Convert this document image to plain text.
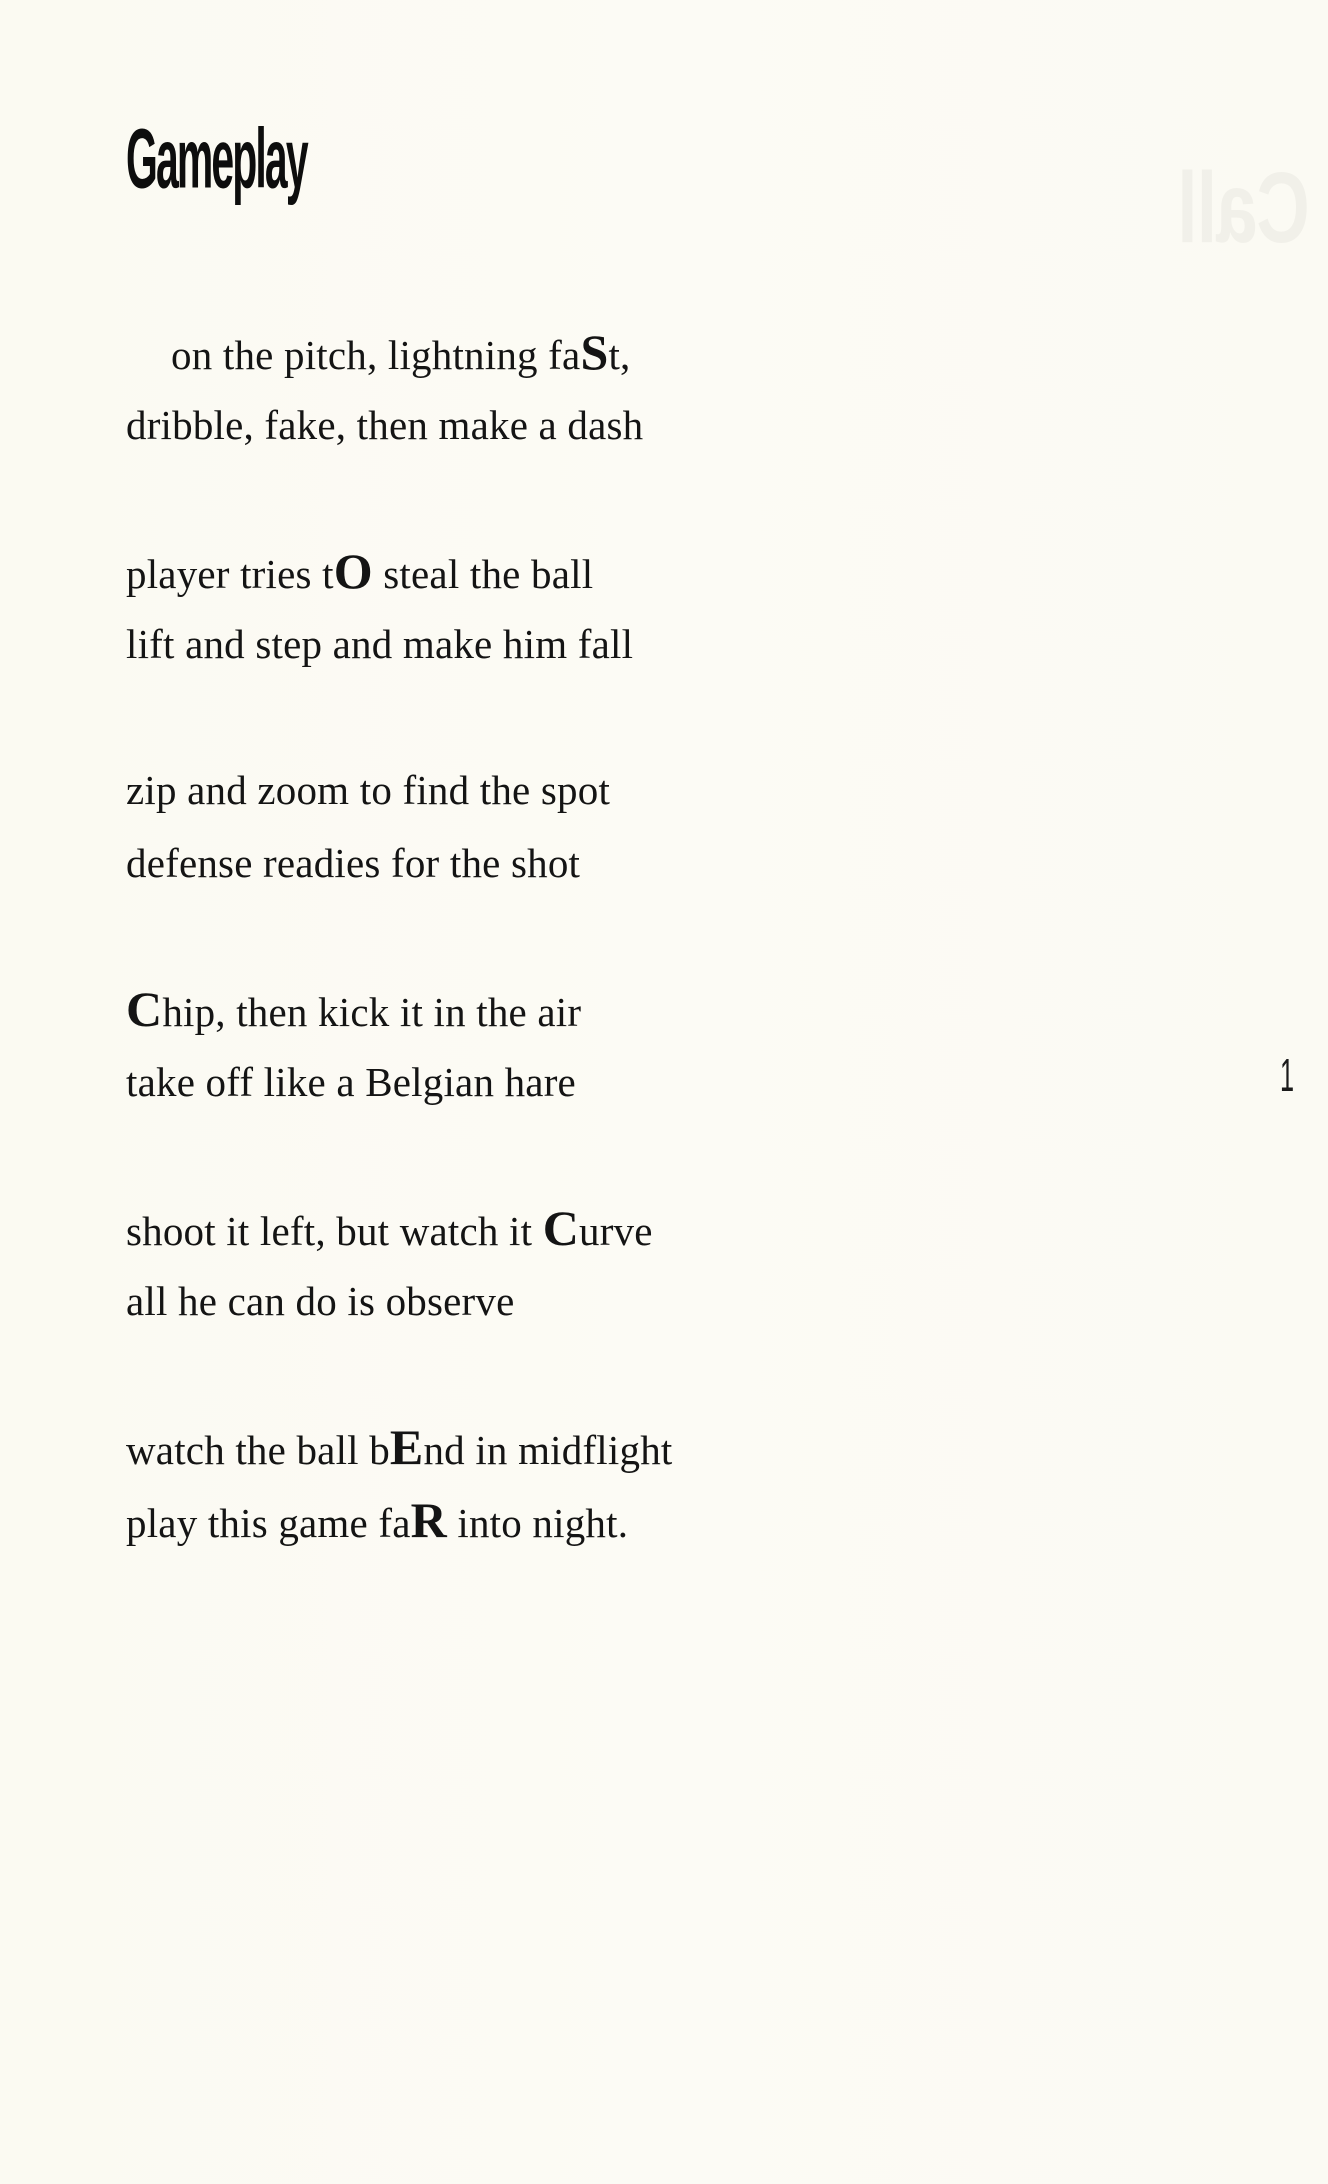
Gameplay
on the pitch, lightning faSt,
dribble, fake, then make a dash
player tries tO steal the ball
lift and step and make him fall
zip and zoom to find the spot
defense readies for the shot
Chip, then kick it in the air
take off like a Belgian hare
shoot it left, but watch it Curve
all he can do is observe
watch the ball bEnd in midflight
play this game faR into night.
1
